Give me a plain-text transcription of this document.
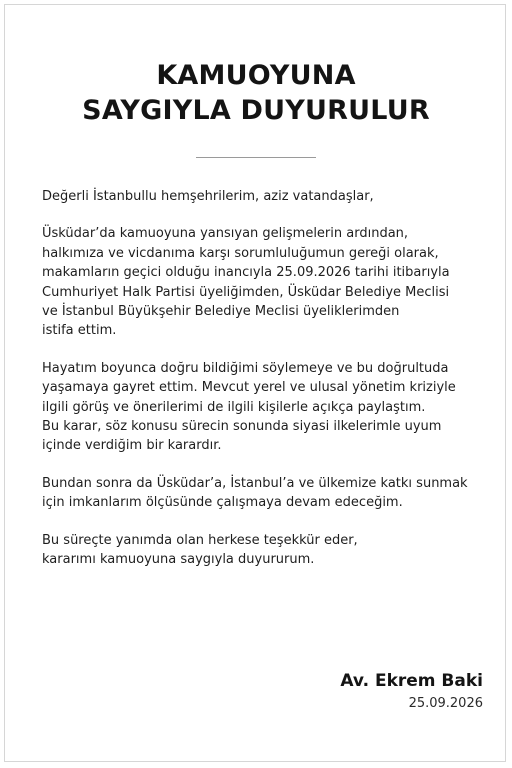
KAMUOYUNA
SAYGIYLA DUYURULUR

Değerli İstanbullu hemşehrilerim, aziz vatandaşlar,

Üsküdar’da kamuoyuna yansıyan gelişmelerin ardından,

halkımıza ve vicdanıma karşı sorumluluğumun gereği olarak,

makamların geçici olduğu inancıyla 25.09.2026 tarihi itibarıyla

Cumhuriyet Halk Partisi üyeliğimden, Üsküdar Belediye Meclisi

ve İstanbul Büyükşehir Belediye Meclisi üyeliklerimden

istifa ettim.

Hayatım boyunca doğru bildiğimi söylemeye ve bu doğrultuda

yaşamaya gayret ettim. Mevcut yerel ve ulusal yönetim kriziyle

ilgili görüş ve önerilerimi de ilgili kişilerle açıkça paylaştım.

Bu karar, söz konusu sürecin sonunda siyasi ilkelerimle uyum

içinde verdiğim bir karardır.

Bundan sonra da Üsküdar’a, İstanbul’a ve ülkemize katkı sunmak

için imkanlarım ölçüsünde çalışmaya devam edeceğim.

Bu süreçte yanımda olan herkese teşekkür eder,

kararımı kamuoyuna saygıyla duyururum.

Av. Ekrem Baki
25.09.2026
